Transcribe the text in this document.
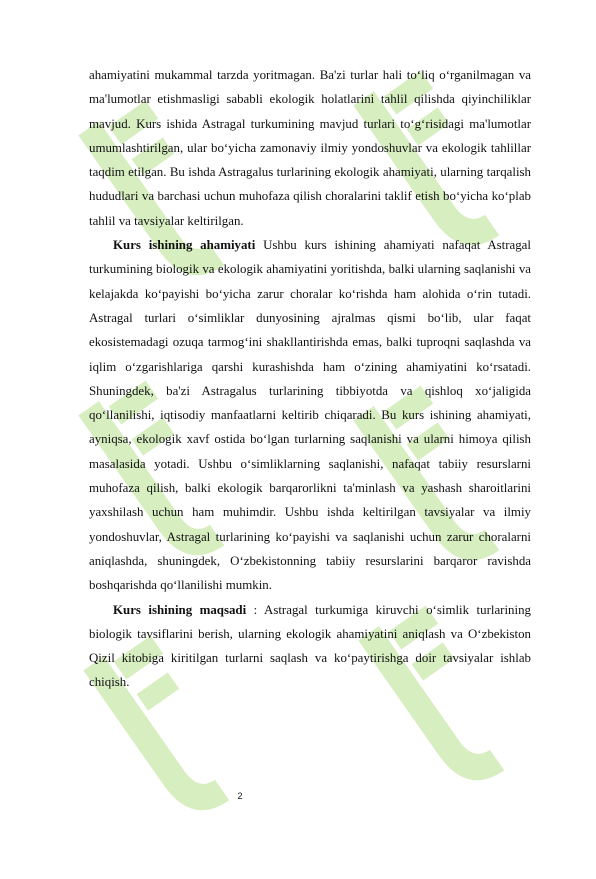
ahamiyatini mukammal tarzda yoritmagan. Ba'zi turlar hali to‘liq o‘rganilmagan va ma'lumotlar etishmasligi sababli ekologik holatlarini tahlil qilishda qiyinchiliklar mavjud. Kurs ishida Astragal turkumining mavjud turlari to‘g‘risidagi ma'lumotlar umumlashtirilgan, ular bo‘yicha zamonaviy ilmiy yondoshuvlar va ekologik tahlillar taqdim etilgan. Bu ishda Astragalus turlarining ekologik ahamiyati, ularning tarqalish hududlari va barchasi uchun muhofaza qilish choralarini taklif etish bo‘yicha ko‘plab tahlil va tavsiyalar keltirilgan.

Kurs ishining ahamiyati Ushbu kurs ishining ahamiyati nafaqat Astragal turkumining biologik va ekologik ahamiyatini yoritishda, balki ularning saqlanishi va kelajakda ko‘payishi bo‘yicha zarur choralar ko‘rishda ham alohida o‘rin tutadi. Astragal turlari o‘simliklar dunyosining ajralmas qismi bo‘lib, ular faqat ekosistemadagi ozuqa tarmog‘ini shakllantirishda emas, balki tuproqni saqlashda va iqlim o‘zgarishlariga qarshi kurashishda ham o‘zining ahamiyatini ko‘rsatadi. Shuningdek, ba'zi Astragalus turlarining tibbiyotda va qishloq xo‘jaligida qo‘llanilishi, iqtisodiy manfaatlarni keltirib chiqaradi. Bu kurs ishining ahamiyati, ayniqsa, ekologik xavf ostida bo‘lgan turlarning saqlanishi va ularni himoya qilish masalasida yotadi. Ushbu o‘simliklarning saqlanishi, nafaqat tabiiy resurslarni muhofaza qilish, balki ekologik barqarorlikni ta'minlash va yashash sharoitlarini yaxshilash uchun ham muhimdir. Ushbu ishda keltirilgan tavsiyalar va ilmiy yondoshuvlar, Astragal turlarining ko‘payishi va saqlanishi uchun zarur choralarni aniqlashda, shuningdek, O‘zbekistonning tabiiy resurslarini barqaror ravishda boshqarishda qo‘llanilishi mumkin.

Kurs ishining maqsadi : Astragal turkumiga kiruvchi o‘simlik turlarining biologik tavsiflarini berish, ularning ekologik ahamiyatini aniqlash va O‘zbekiston Qizil kitobiga kiritilgan turlarni saqlash va ko‘paytirishga doir tavsiyalar ishlab chiqish.

2
